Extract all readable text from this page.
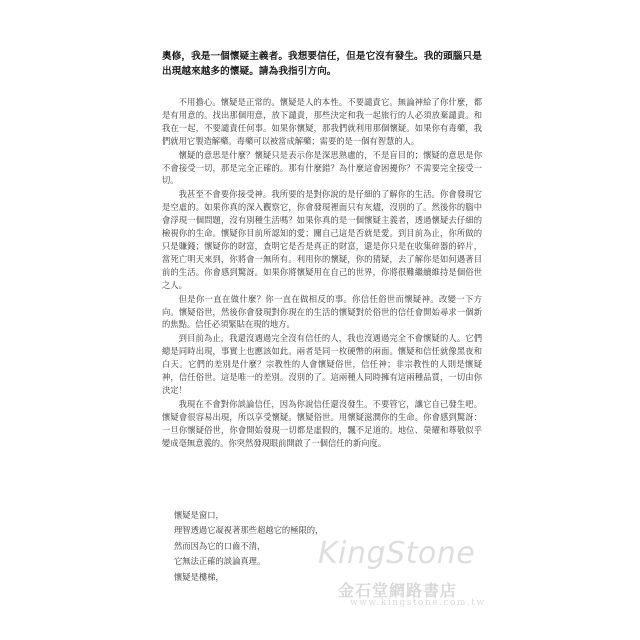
奧修，我是一個懷疑主義者。我想要信任，但是它沒有發生。我的頭腦只是出現越來越多的懷疑。請為我指引方向。

不用擔心。懷疑是正常的。懷疑是人的本性。不要譴責它。無論神給了你什麼，都是有用意的。找出那個用意，放下譴責，那些決定和我一起旅行的人必須放棄譴責。和我在一起，不要譴責任何事。如果你懷疑，那我們就利用那個懷疑。如果你有毒藥，我們就用它製造解藥。毒藥可以被當成解藥；需要的是一個有智慧的人。

懷疑的意思是什麼？懷疑只是表示你是深思熟慮的，不是盲目的；懷疑的意思是你不會接受一切，那是完全正確的。那有什麼錯？為什麼這會困擾你？不需要完全接受一切。

我甚至不會要你接受神。我所要的是對你說的是仔細的了解你的生活。你會發現它是空虛的。如果你真的深入觀察它，你會發現裡面只有灰燼，沒別的了。然後你的腦中會浮現一個問題，沒有別種生活嗎？如果你真的是一個懷疑主義者，透過懷疑去仔細的檢視你的生命。懷疑你目前所認知的愛；關自己這是否就是愛。到目前為止，你所做的只是賺錢；懷疑你的財富，查明它是否是真正的財富，還是你只是在收集碎器的碎片，當死亡明天來到，你將會一無所有。利用你的懷疑，你的猜疑，去了解你是如何遇著目前的生活。你會感到驚訝。如果你將懷疑用在自己的世界，你將很難繼續維持是個俗世之人。

但是你一直在做什麼？你一直在做相反的事。你信任俗世而懷疑神。改變一下方向。懷疑俗世，然後你會發現對你現在的生活的懷疑對於俗世的信任會開始尋求一個新的焦點。信任必須緊貼在現的地方。

到目前為止，我還沒遇過完全沒有信任的人，我也沒遇過完全不會懷疑的人。它們總是同時出現，事實上也應該如此。兩者是同一枚硬幣的兩面。懷疑和信任就像黑夜和白天。它們的差別是什麼？宗教性的人會懷疑俗世，信任神；非宗教性的人則是懷疑神，信任俗世。這是唯一的差別。沒別的了。這兩種人同時擁有這兩種品質，一切由你決定！

我現在不會對你談論信任，因為你說信任還沒發生。不要管它，讓它自己發生吧。懷疑會很容易出現，所以享受懷疑。懷疑俗世。用懷疑滋潤你的生命。你會感到驚訝：一旦你懷疑俗世，你會開始發現一切都是虛假的，飄不足道的。地位、榮耀和尊敬似乎變成毫無意義的。你突然發現眼前開啟了一個信任的新向度。

懷疑是窗口，
理智透過它凝視著那些超越它的極限的，
然而因為它的口齒不清，
它無法正確的談論真理。
懷疑是樓梯，
KingStone
金石堂網路書店
www.kingstone.com.tw
